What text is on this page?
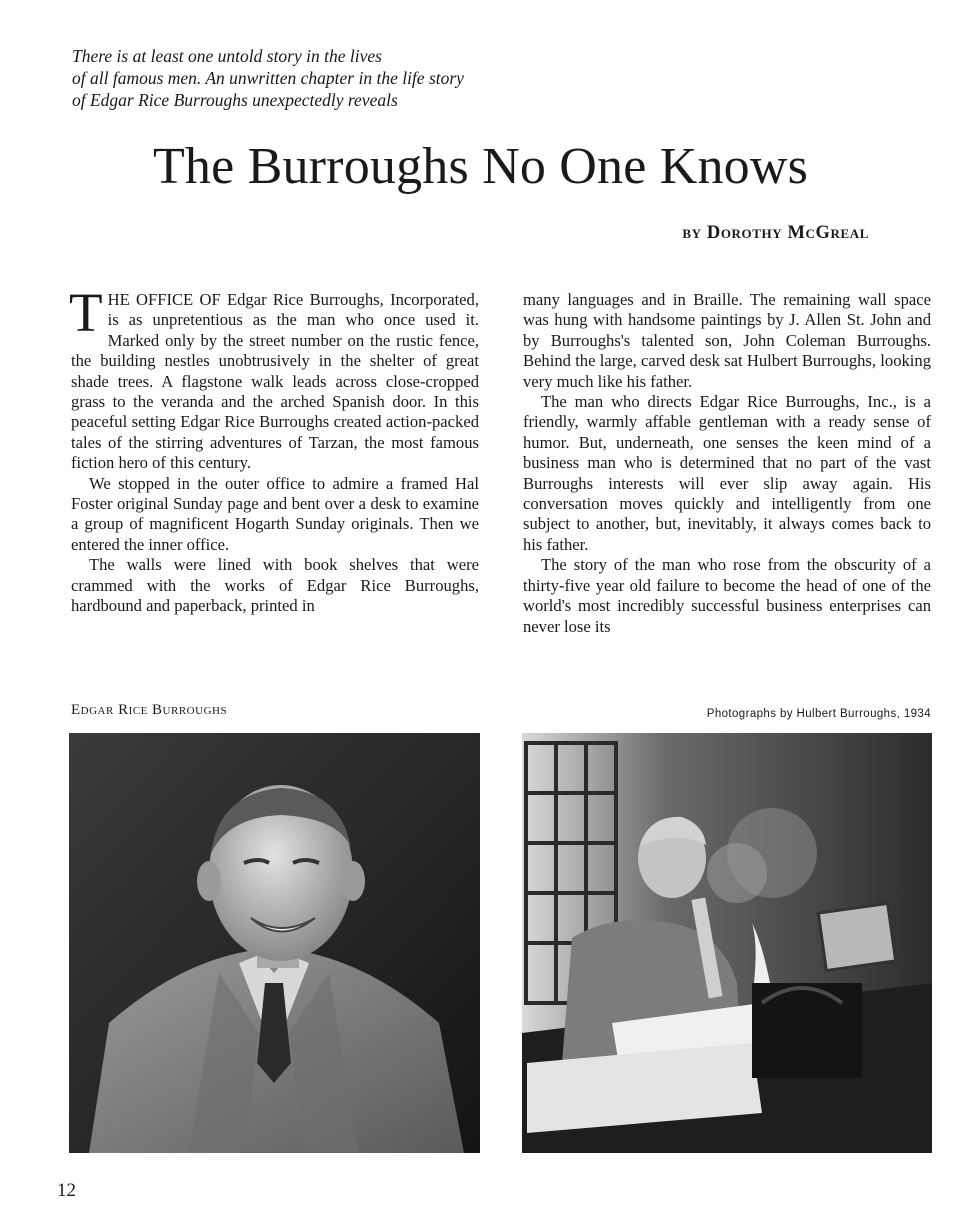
There is at least one untold story in the lives
of all famous men. An unwritten chapter in the life story
of Edgar Rice Burroughs unexpectedly reveals

The Burroughs No One Knows

by Dorothy McGreal

THE OFFICE OF Edgar Rice Burroughs, Incorporated, is as unpretentious as the man who once used it. Marked only by the street number on the rustic fence, the building nestles unobtrusively in the shelter of great shade trees. A flagstone walk leads across close-cropped grass to the veranda and the arched Spanish door. In this peaceful setting Edgar Rice Burroughs created action-packed tales of the stirring adventures of Tarzan, the most famous fiction hero of this century.

We stopped in the outer office to admire a framed Hal Foster original Sunday page and bent over a desk to examine a group of magnificent Hogarth Sunday originals. Then we entered the inner office.

The walls were lined with book shelves that were crammed with the works of Edgar Rice Burroughs, hardbound and paperback, printed in

many languages and in Braille. The remaining wall space was hung with handsome paintings by J. Allen St. John and by Burroughs's talented son, John Coleman Burroughs. Behind the large, carved desk sat Hulbert Burroughs, looking very much like his father.

The man who directs Edgar Rice Burroughs, Inc., is a friendly, warmly affable gentleman with a ready sense of humor. But, underneath, one senses the keen mind of a business man who is determined that no part of the vast Burroughs interests will ever slip away again. His conversation moves quickly and intelligently from one subject to another, but, inevitably, it always comes back to his father.

The story of the man who rose from the obscurity of a thirty-five year old failure to become the head of one of the world's most incredibly successful business enterprises can never lose its

Edgar Rice Burroughs	Photographs by Hulbert Burroughs, 1934

12
